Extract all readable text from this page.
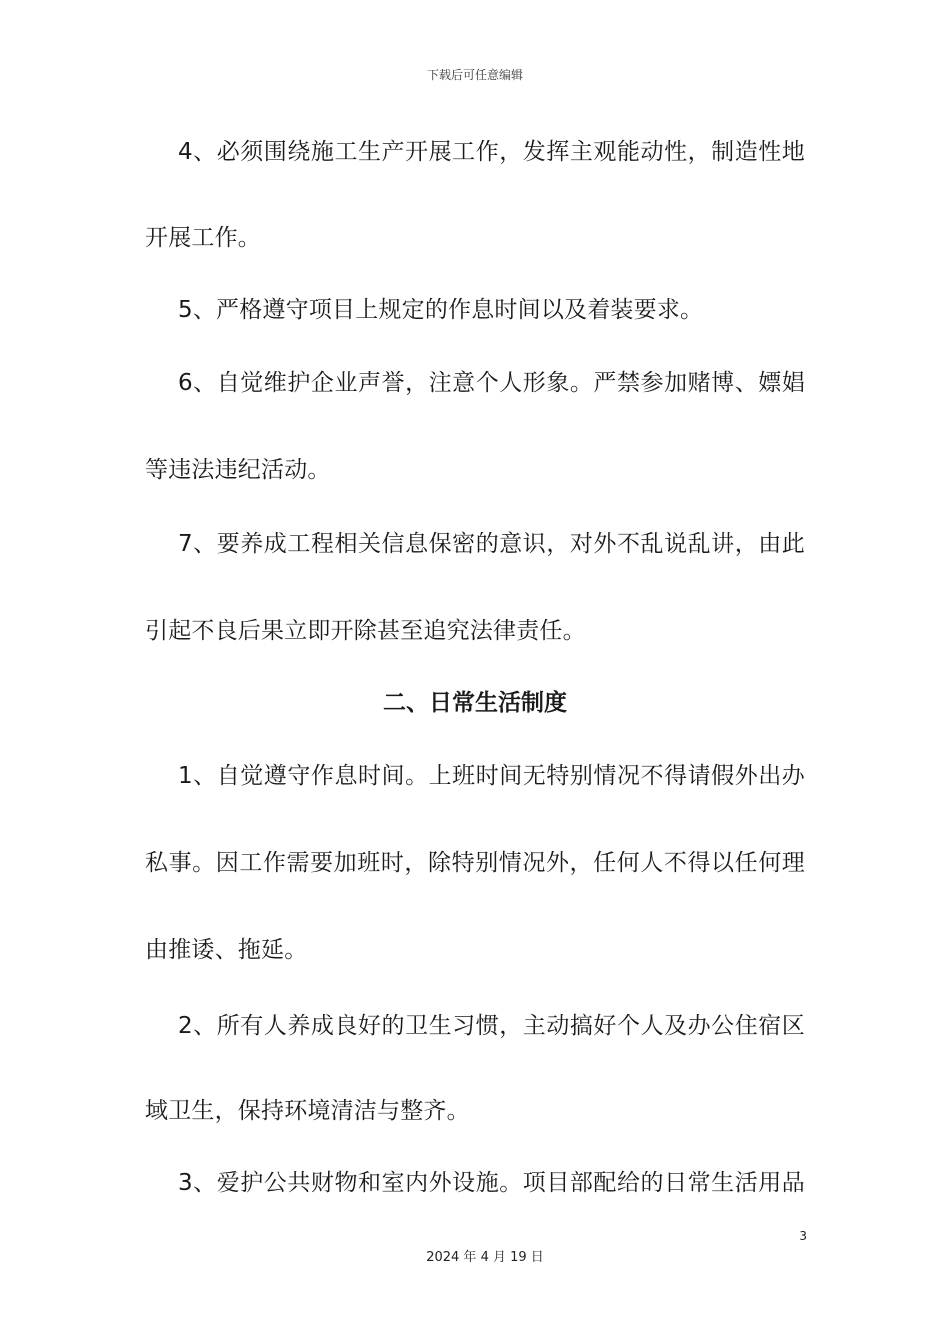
下载后可任意编辑
4、必须围绕施工生产开展工作，发挥主观能动性，制造性地
开展工作。
5、严格遵守项目上规定的作息时间以及着装要求。
6、自觉维护企业声誉，注意个人形象。严禁参加赌博、嫖娼
等违法违纪活动。
7、要养成工程相关信息保密的意识，对外不乱说乱讲，由此
引起不良后果立即开除甚至追究法律责任。
二、日常生活制度
1、自觉遵守作息时间。上班时间无特别情况不得请假外出办
私事。因工作需要加班时，除特别情况外，任何人不得以任何理
由推诿、拖延。
2、所有人养成良好的卫生习惯，主动搞好个人及办公住宿区
域卫生，保持环境清洁与整齐。
3、爱护公共财物和室内外设施。项目部配给的日常生活用品
3
2024 年 4 月 19 日
